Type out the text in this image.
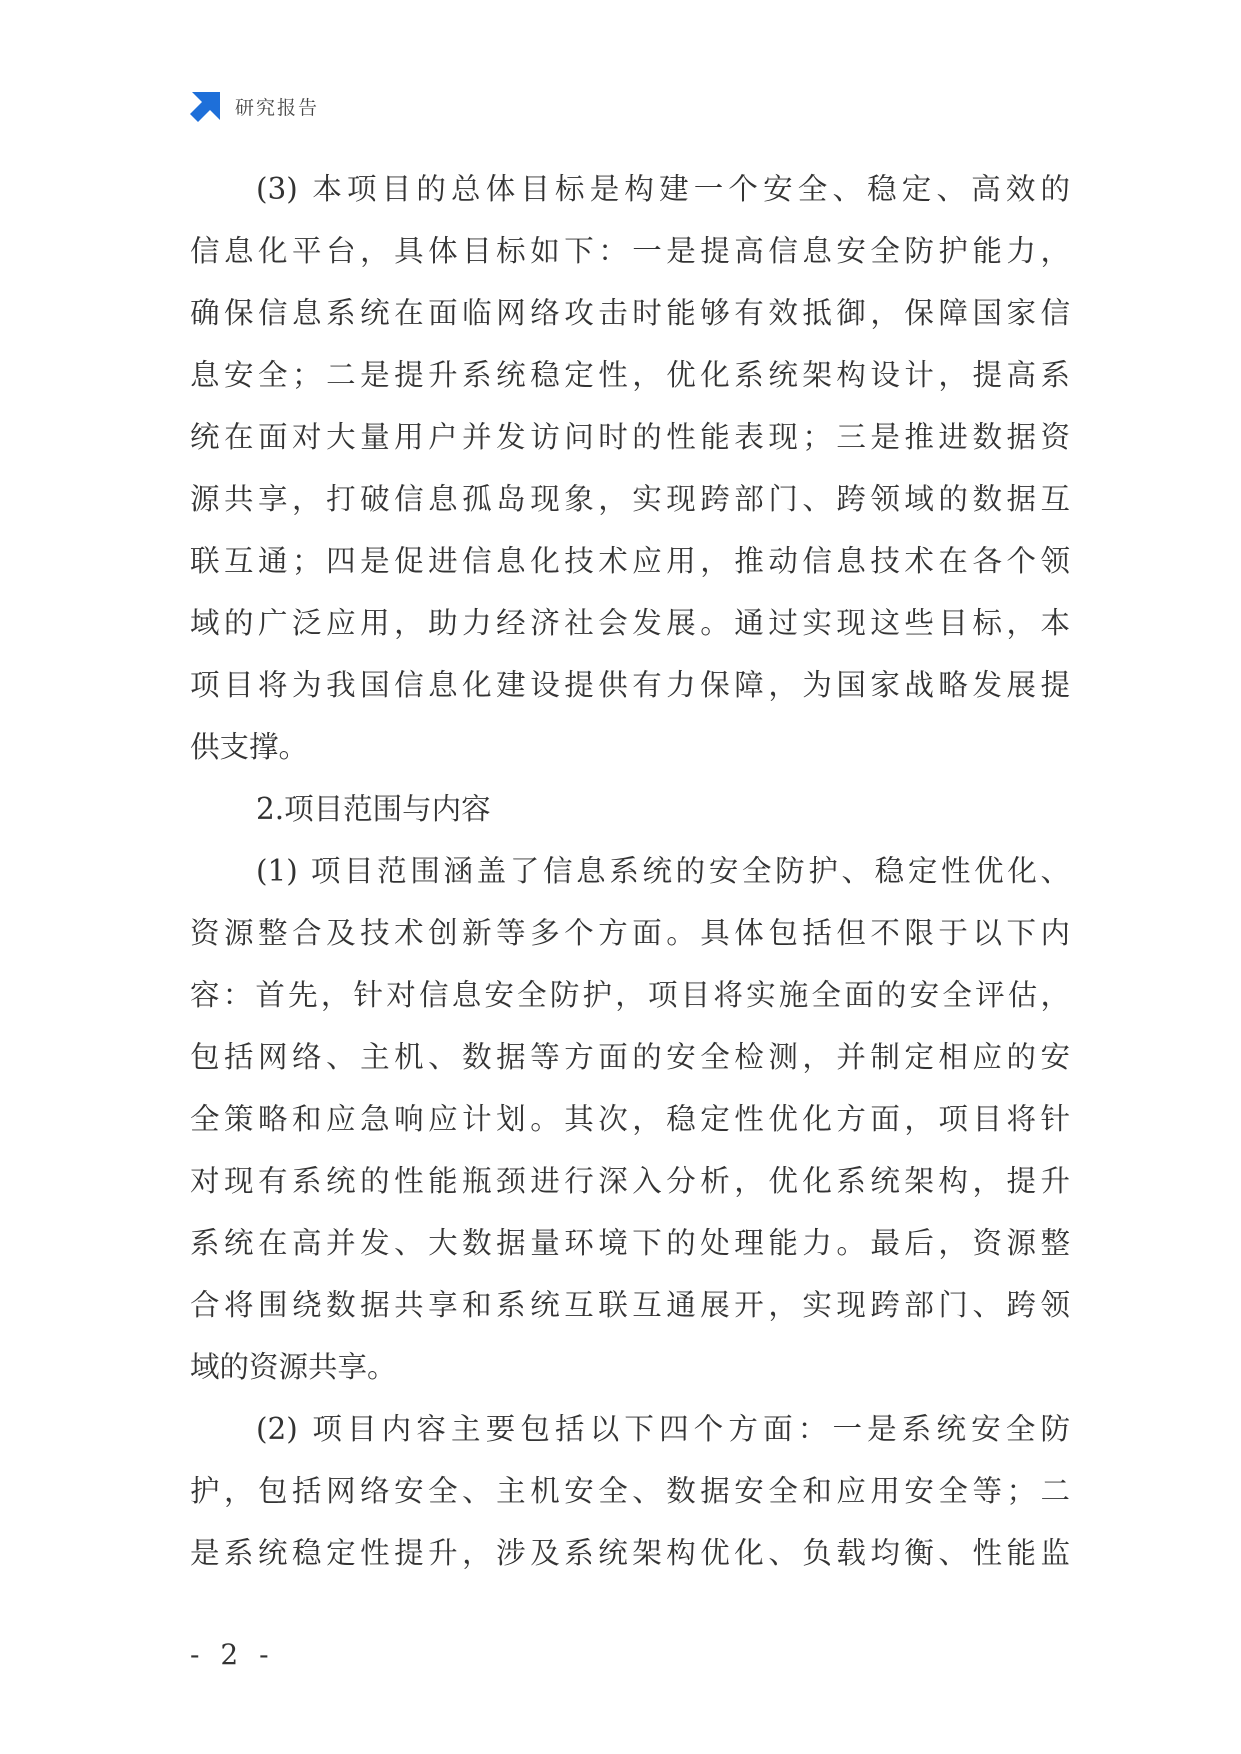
研究报告
(3) 本项目的总体目标是构建一个安全、稳定、高效的
信息化平台，具体目标如下：一是提高信息安全防护能力，
确保信息系统在面临网络攻击时能够有效抵御，保障国家信
息安全；二是提升系统稳定性，优化系统架构设计，提高系
统在面对大量用户并发访问时的性能表现；三是推进数据资
源共享，打破信息孤岛现象，实现跨部门、跨领域的数据互
联互通；四是促进信息化技术应用，推动信息技术在各个领
域的广泛应用，助力经济社会发展。通过实现这些目标，本
项目将为我国信息化建设提供有力保障，为国家战略发展提
供支撑。
2.项目范围与内容
(1) 项目范围涵盖了信息系统的安全防护、稳定性优化、
资源整合及技术创新等多个方面。具体包括但不限于以下内
容：首先，针对信息安全防护，项目将实施全面的安全评估，
包括网络、主机、数据等方面的安全检测，并制定相应的安
全策略和应急响应计划。其次，稳定性优化方面，项目将针
对现有系统的性能瓶颈进行深入分析，优化系统架构，提升
系统在高并发、大数据量环境下的处理能力。最后，资源整
合将围绕数据共享和系统互联互通展开，实现跨部门、跨领
域的资源共享。
(2) 项目内容主要包括以下四个方面：一是系统安全防
护，包括网络安全、主机安全、数据安全和应用安全等；二
是系统稳定性提升，涉及系统架构优化、负载均衡、性能监
- 2 -
